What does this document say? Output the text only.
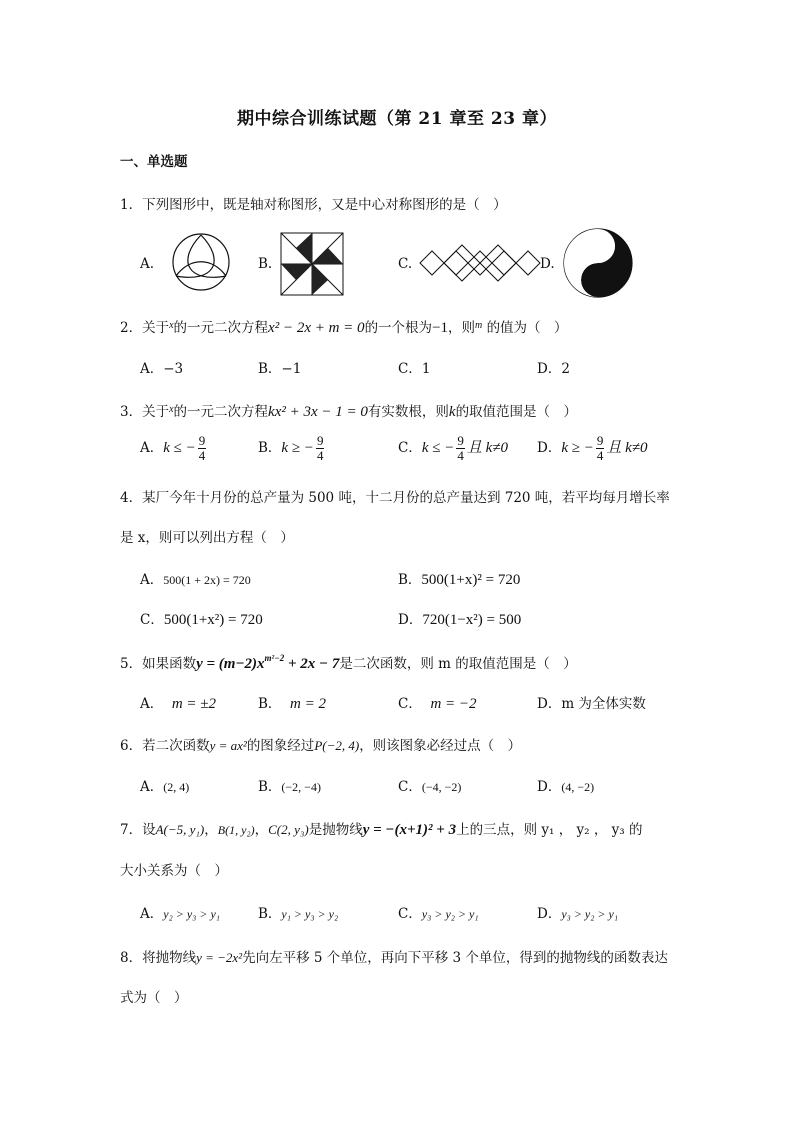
期中综合训练试题（第 21 章至 23 章）
一、单选题
1．下列图形中，既是轴对称图形，又是中心对称图形的是（　）
A.	B.	C.	D.
2．关于$^x$的一元二次方程x² − 2x + m = 0的一个根为−1，则$^m$ 的值为（　）
A．−3	B．−1	C．1	D．2
3．关于$^x$的一元二次方程kx² + 3x − 1 = 0有实数根，则k的取值范围是（　）
A．k ≤ − $\frac{9}{4}$	B．k ≥ − $\frac{9}{4}$	C．k ≤ − $\frac{9}{4}$ 且 k≠0 D．k ≥ − $\frac{9}{4}$ 且 k≠0
4．某厂今年十月份的总产量为 500 吨，十二月份的总产量达到 720 吨，若平均每月增长率
是 x，则可以列出方程（　）
A．500(1 + 2x) = 720	B．500(1+x)² = 720
C．500(1+x²) = 720	D．720(1−x²) = 500
5．如果函数$y = (m-2)x^{m^2-2} + 2x - 7$是二次函数，则 m 的取值范围是（　）
A． m = ±2	B． m = 2	C． m = −2	D．m 为全体实数
6．若二次函数y = ax²的图象经过P(−2, 4)，则该图象必经过点（　）
A．(2, 4)	B．(−2, −4)	C．(−4, −2)	D．(4, −2)
7．设A(−5, y₁)，B(1, y₂)，C(2, y₃)是抛物线y = −(x+1)² + 3上的三点，则 y₁ ， y₂ ， y₃ 的
大小关系为（　）
A．y₂ > y₃ > y₁	B．y₁ > y₃ > y₂	C．y₃ > y₂ > y₁	D．y₃ > y₂ > y₁
8．将抛物线y = −2x²先向左平移 5 个单位，再向下平移 3 个单位，得到的抛物线的函数表达
式为（　）
